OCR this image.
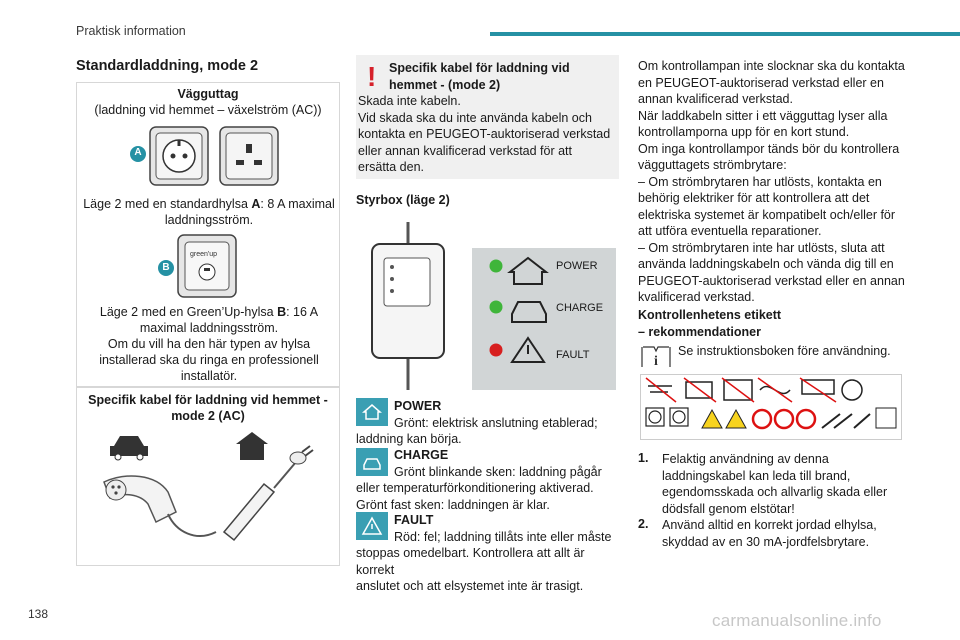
Praktisk information
138	carmanualsonline.info
Standardladdning, mode 2
Vägguttag
(laddning vid hemmet – växelström (AC))
A
Läge 2 med en standardhylsa A: 8 A maximal
laddningsström.
B
green'up
Läge 2 med en Green’Up-hylsa B: 16 A
maximal laddningsström.
Om du vill ha den här typen av hylsa
installerad ska du ringa en professionell
installatör.
Specifik kabel för laddning vid hemmet -
mode 2 (AC)
! Specifik kabel för laddning vid
hemmet - (mode 2)
Skada inte kabeln.
Vid skada ska du inte använda kabeln och
kontakta en PEUGEOT-auktoriserad verkstad
eller annan kvalificerad verkstad för att
ersätta den.
Styrbox (läge 2)
POWER
CHARGE
FAULT
POWER
Grönt: elektrisk anslutning etablerad;
laddning kan börja.
CHARGE
Grönt blinkande sken: laddning pågår
eller temperaturförkonditionering aktiverad.
Grönt fast sken: laddningen är klar.
FAULT
Röd: fel; laddning tillåts inte eller måste
stoppas omedelbart. Kontrollera att allt är korrekt
anslutet och att elsystemet inte är trasigt.
Om kontrollampan inte slocknar ska du kontakta
en PEUGEOT-auktoriserad verkstad eller en
annan kvalificerad verkstad.
När laddkabeln sitter i ett vägguttag lyser alla
kontrollamporna upp för en kort stund.
Om inga kontrollampor tänds bör du kontrollera
vägguttagets strömbrytare:
– Om strömbrytaren har utlösts, kontakta en
behörig elektriker för att kontrollera att det
elektriska systemet är kompatibelt och/eller för
att utföra eventuella reparationer.
– Om strömbrytaren inte har utlösts, sluta att
använda laddningskabeln och vända dig till en
PEUGEOT-auktoriserad verkstad eller en annan
kvalificerad verkstad.
Kontrollenhetens etikett
– rekommendationer
i
Se instruktionsboken före användning.
1. Felaktig användning av denna
laddningskabel kan leda till brand,
egendomsskada och allvarlig skada eller
dödsfall genom elstötar!
2. Använd alltid en korrekt jordad elhylsa,
skyddad av en 30 mA-jordfelsbrytare.
